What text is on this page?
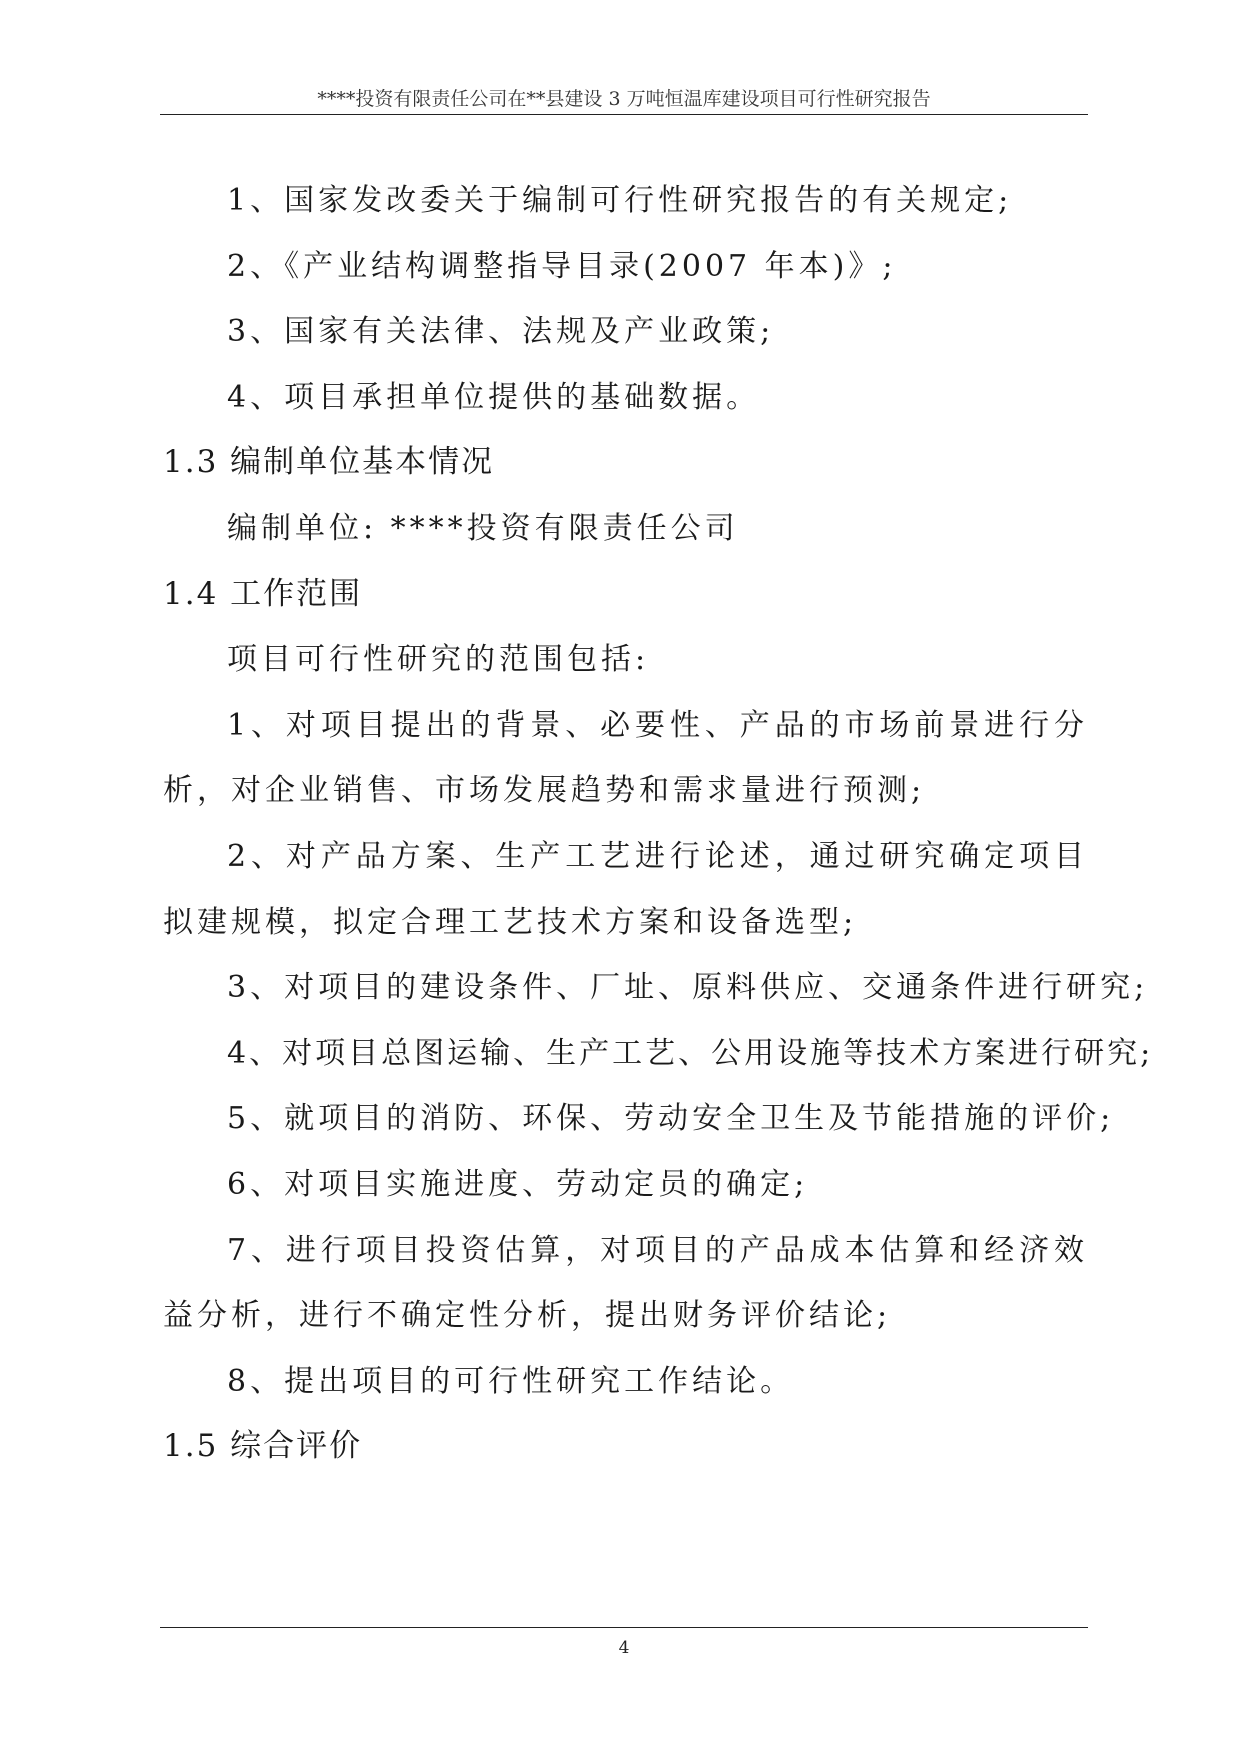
****投资有限责任公司在**县建设 3 万吨恒温库建设项目可行性研究报告

1、国家发改委关于编制可行性研究报告的有关规定;

2、《产业结构调整指导目录(2007 年本)》;

3、国家有关法律、法规及产业政策;

4、项目承担单位提供的基础数据。

1.3 编制单位基本情况

编制单位: ****投资有限责任公司

1.4 工作范围

项目可行性研究的范围包括:

1、对项目提出的背景、必要性、产品的市场前景进行分析，对企业销售、市场发展趋势和需求量进行预测;

2、对产品方案、生产工艺进行论述，通过研究确定项目拟建规模，拟定合理工艺技术方案和设备选型;

3、对项目的建设条件、厂址、原料供应、交通条件进行研究;

4、对项目总图运输、生产工艺、公用设施等技术方案进行研究;

5、就项目的消防、环保、劳动安全卫生及节能措施的评价;

6、对项目实施进度、劳动定员的确定;

7、进行项目投资估算，对项目的产品成本估算和经济效益分析，进行不确定性分析，提出财务评价结论;

8、提出项目的可行性研究工作结论。

1.5 综合评价

4
